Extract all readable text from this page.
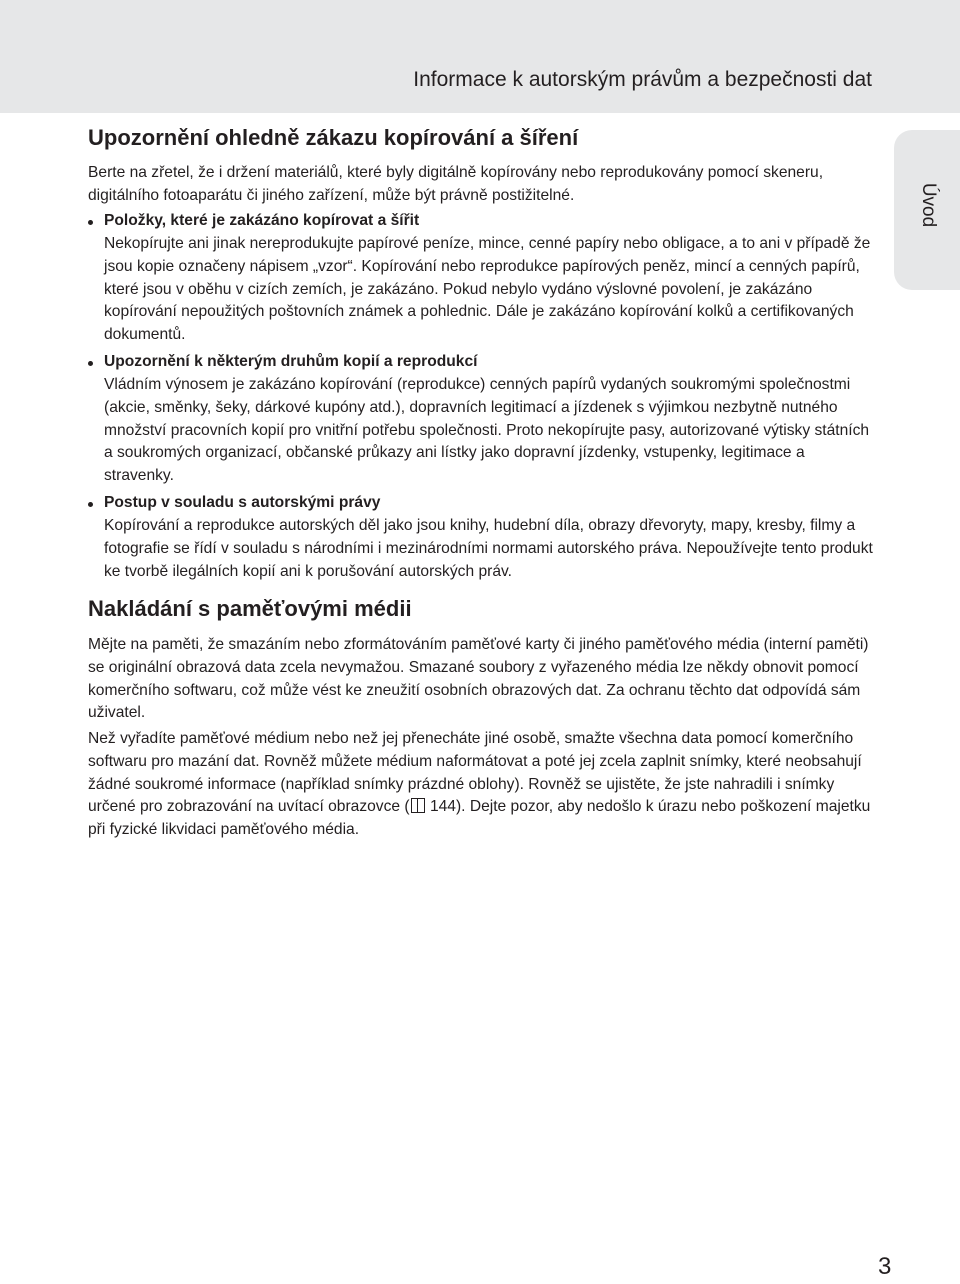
Informace k autorským právům a bezpečnosti dat
Úvod
Upozornění ohledně zákazu kopírování a šíření

Berte na zřetel, že i držení materiálů, které byly digitálně kopírovány nebo reprodukovány pomocí skeneru, digitálního fotoaparátu či jiného zařízení, může být právně postižitelné.

Položky, které je zakázáno kopírovat a šířit

Nekopírujte ani jinak nereprodukujte papírové peníze, mince, cenné papíry nebo obligace, a to ani v případě že jsou kopie označeny nápisem „vzor“. Kopírování nebo reprodukce papírových peněz, mincí a cenných papírů, které jsou v oběhu v cizích zemích, je zakázáno. Pokud nebylo vydáno výslovné povolení, je zakázáno kopírování nepoužitých poštovních známek a pohlednic. Dále je zakázáno kopírování kolků a certifikovaných dokumentů.

Upozornění k některým druhům kopií a reprodukcí

Vládním výnosem je zakázáno kopírování (reprodukce) cenných papírů vydaných soukromými společnostmi (akcie, směnky, šeky, dárkové kupóny atd.), dopravních legitimací a jízdenek s výjimkou nezbytně nutného množství pracovních kopií pro vnitřní potřebu společnosti. Proto nekopírujte pasy, autorizované výtisky státních a soukromých organizací, občanské průkazy ani lístky jako dopravní jízdenky, vstupenky, legitimace a stravenky.

Postup v souladu s autorskými právy

Kopírování a reprodukce autorských děl jako jsou knihy, hudební díla, obrazy dřevoryty, mapy, kresby, filmy a fotografie se řídí v souladu s národními i mezinárodními normami autorského práva. Nepoužívejte tento produkt ke tvorbě ilegálních kopií ani k porušování autorských práv.

Nakládání s paměťovými médii

Mějte na paměti, že smazáním nebo zformátováním paměťové karty či jiného paměťového média (interní paměti) se originální obrazová data zcela nevymažou. Smazané soubory z vyřazeného média lze někdy obnovit pomocí komerčního softwaru, což může vést ke zneužití osobních obrazových dat. Za ochranu těchto dat odpovídá sám uživatel.

Než vyřadíte paměťové médium nebo než jej přenecháte jiné osobě, smažte všechna data pomocí komerčního softwaru pro mazání dat. Rovněž můžete médium naformátovat a poté jej zcela zaplnit snímky, které neobsahují žádné soukromé informace (například snímky prázdné oblohy). Rovněž se ujistěte, že jste nahradili i snímky určené pro zobrazování na uvítací obrazovce ( 144). Dejte pozor, aby nedošlo k úrazu nebo poškození majetku při fyzické likvidaci paměťového média.

3
